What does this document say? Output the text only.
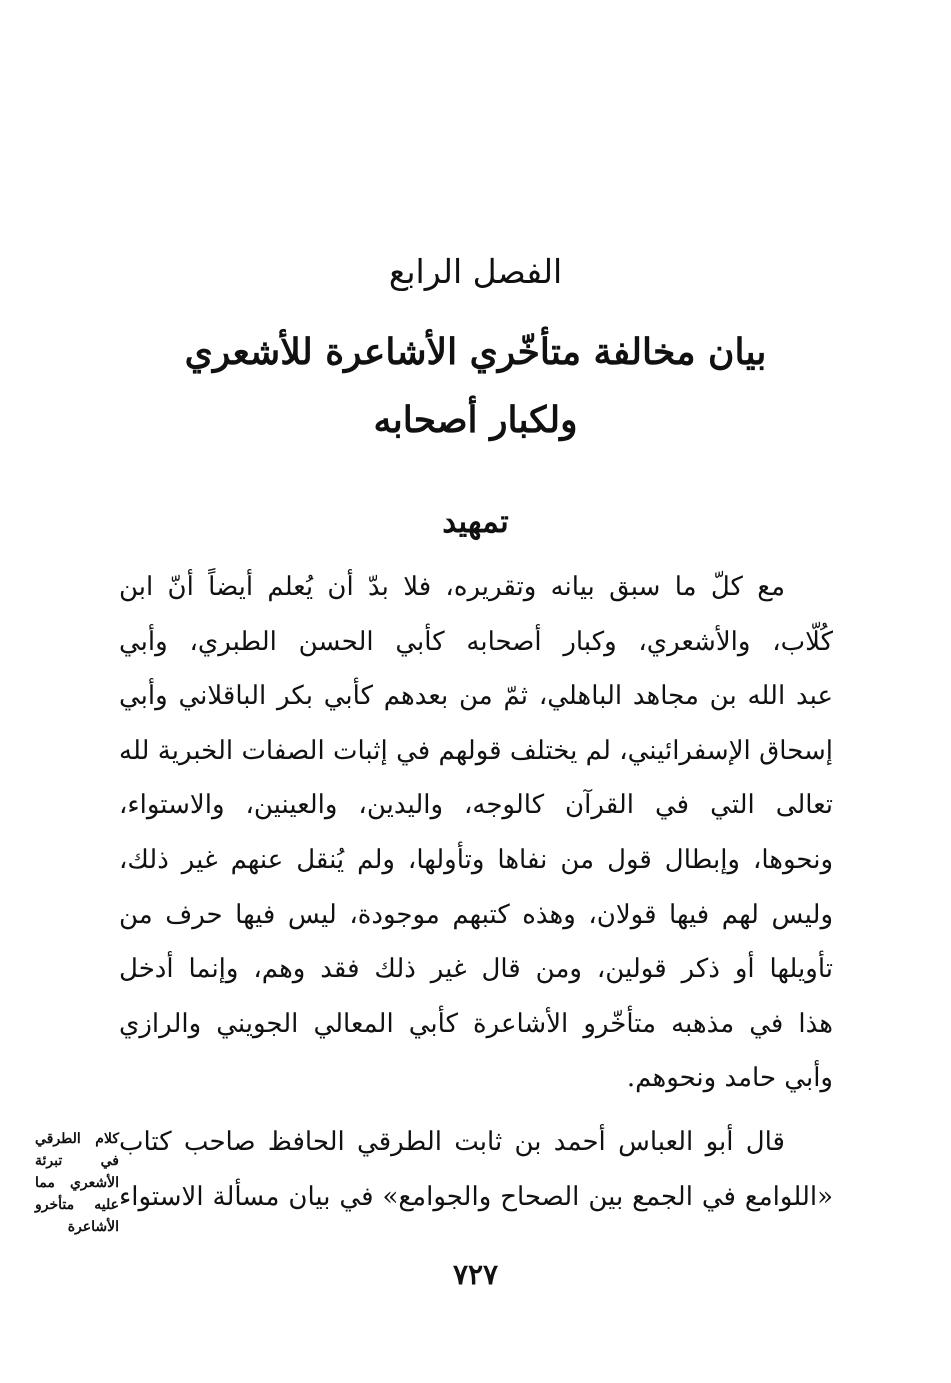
الفصل الرابع
بيان مخالفة متأخّري الأشاعرة للأشعري
ولكبار أصحابه
تمهيد
مع كلّ ما سبق بيانه وتقريره، فلا بدّ أن يُعلم أيضاً أنّ ابن
كُلّاب، والأشعري، وكبار أصحابه كأبي الحسن الطبري، وأبي
عبد الله بن مجاهد الباهلي، ثمّ من بعدهم كأبي بكر الباقلاني وأبي
إسحاق الإسفرائيني، لم يختلف قولهم في إثبات الصفات الخبرية لله
تعالى التي في القرآن كالوجه، واليدين، والعينين، والاستواء،
ونحوها، وإبطال قول من نفاها وتأولها، ولم يُنقل عنهم غير ذلك،
وليس لهم فيها قولان، وهذه كتبهم موجودة، ليس فيها حرف من
تأويلها أو ذكر قولين، ومن قال غير ذلك فقد وهم، وإنما أدخل
هذا في مذهبه متأخّرو الأشاعرة كأبي المعالي الجويني والرازي
وأبي حامد ونحوهم.
قال أبو العباس أحمد بن ثابت الطرقي الحافظ صاحب كتاب
«اللوامع في الجمع بين الصحاح والجوامع» في بيان مسألة الاستواء
كلام الطرقي
في تبرئة
الأشعري مما
عليه متأخرو
الأشاعرة
٧٢٧
